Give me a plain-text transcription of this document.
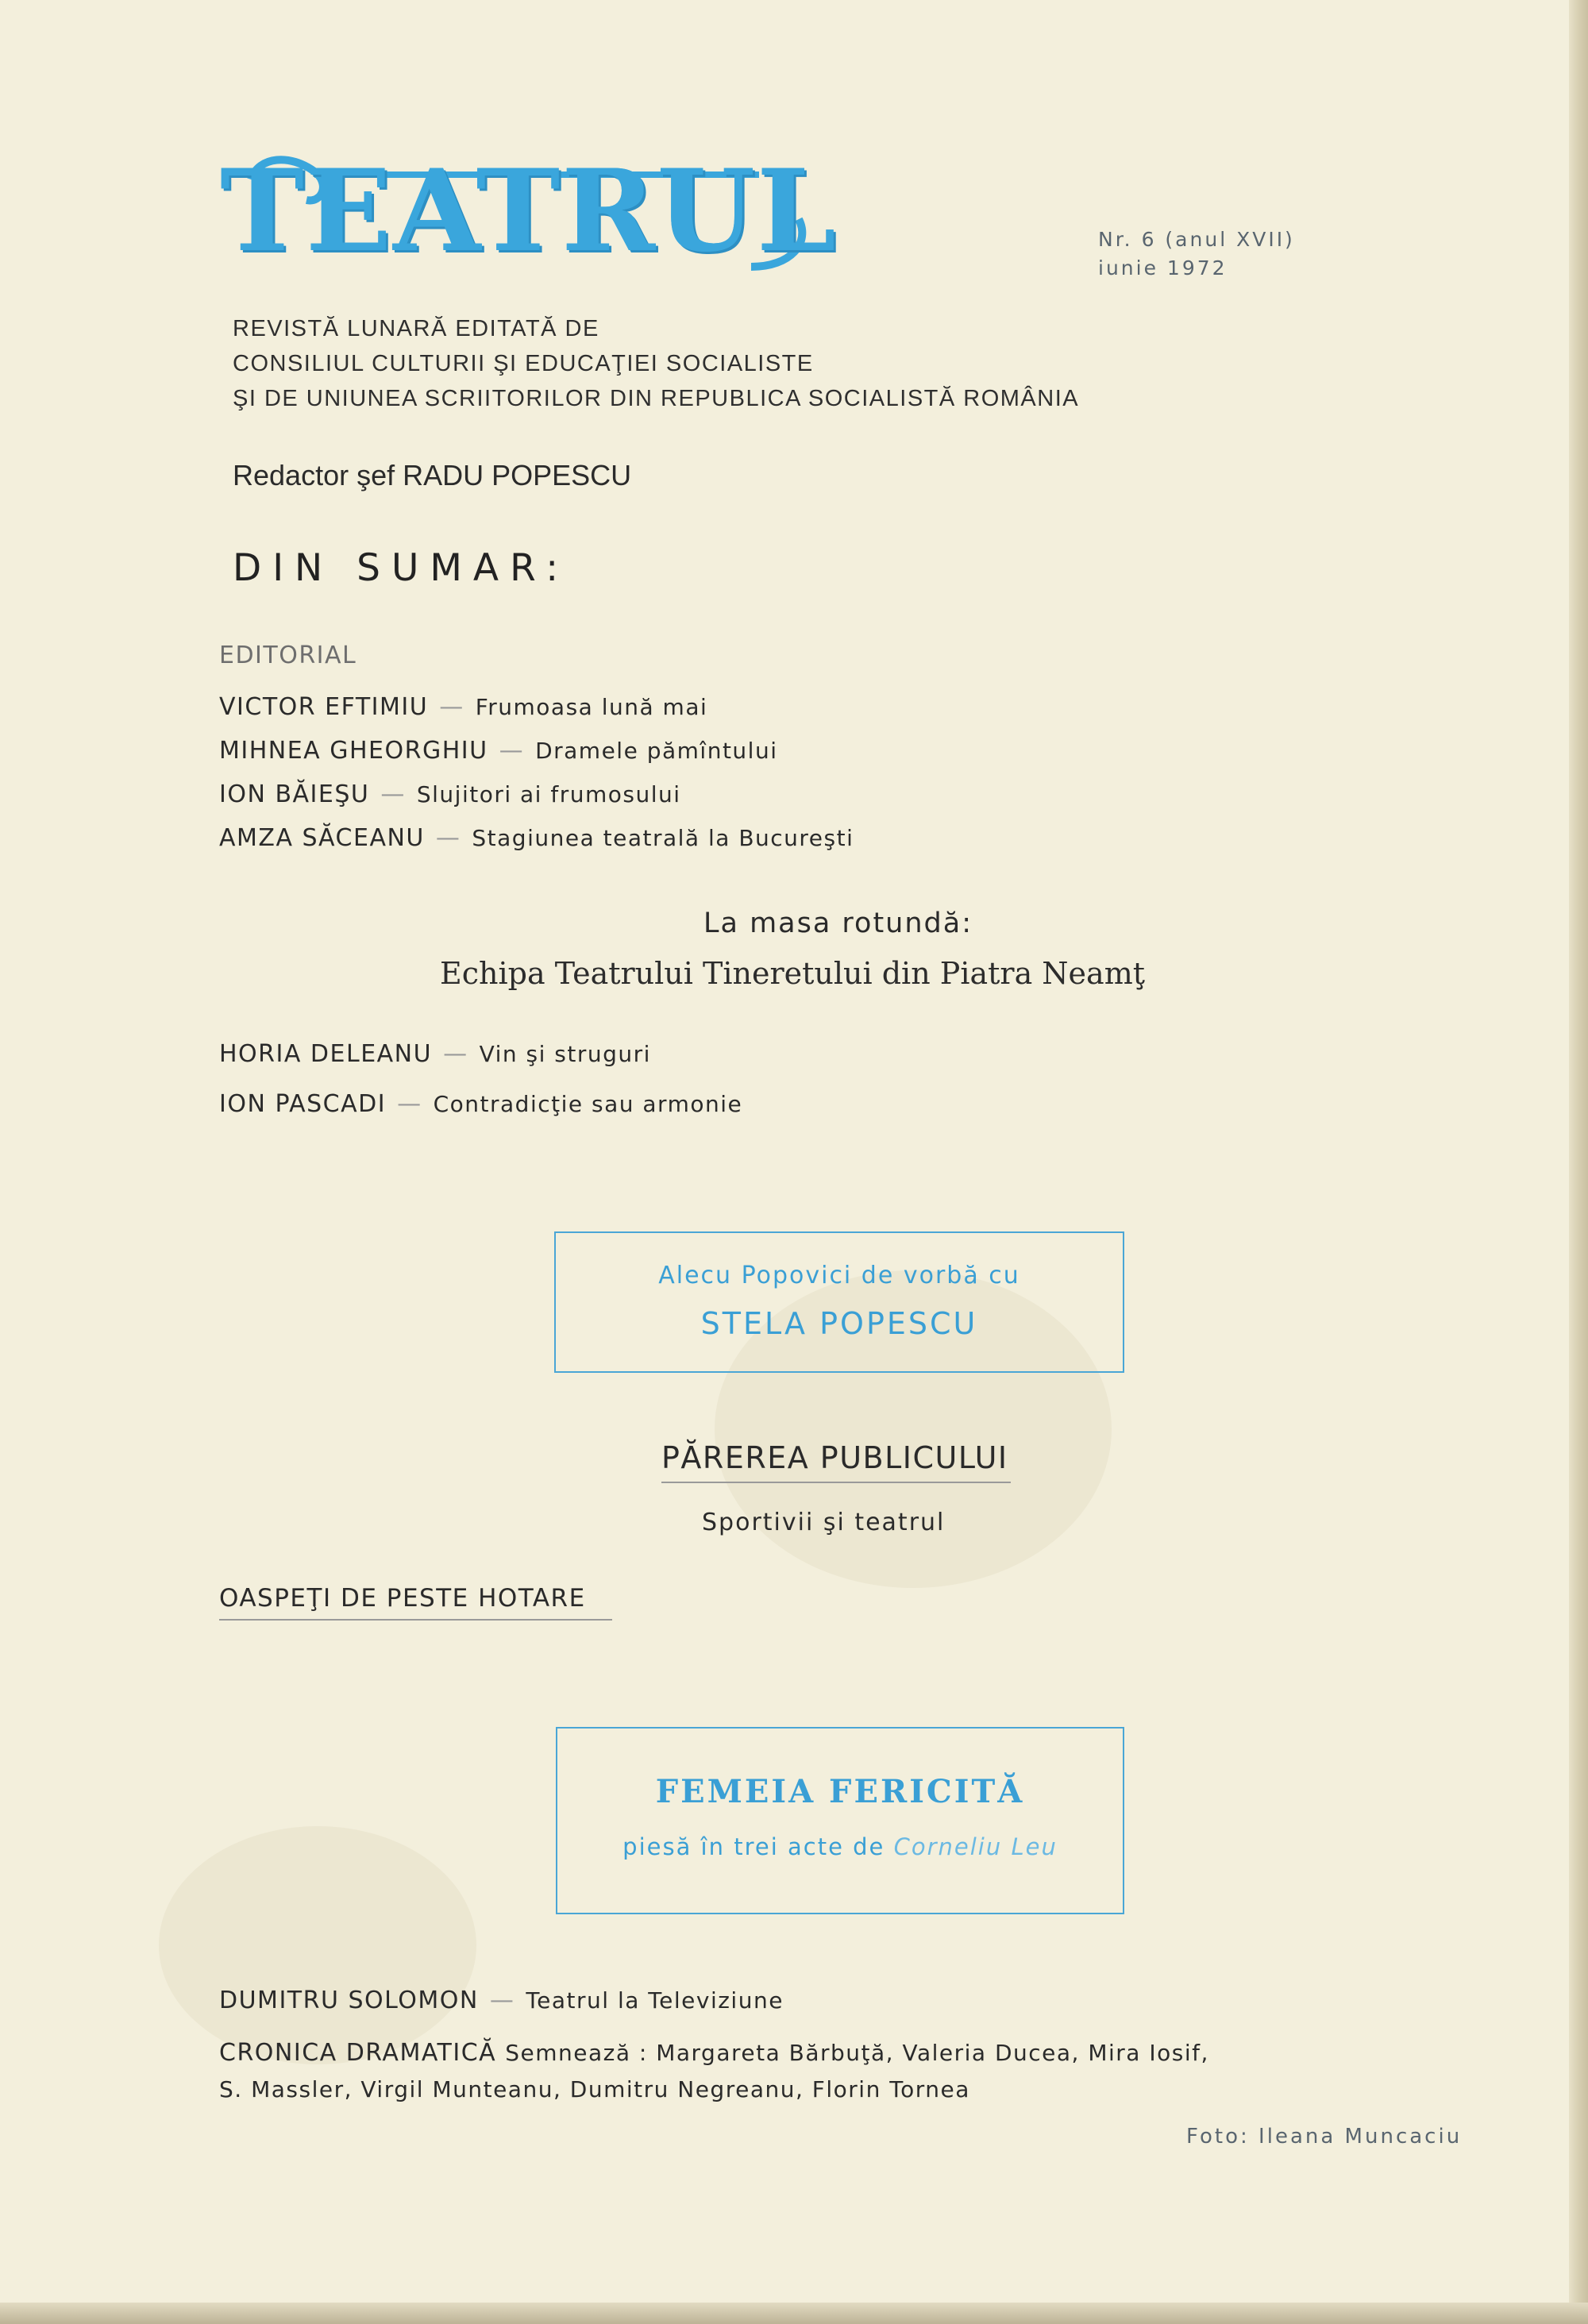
TEATRUL	Nr. 6 (anul XVII)
iunie 1972
REVISTĂ LUNARĂ EDITATĂ DE
CONSILIUL CULTURII ŞI EDUCAŢIEI SOCIALISTE
ŞI DE UNIUNEA SCRIITORILOR DIN REPUBLICA SOCIALISTĂ ROMÂNIA
Redactor şef RADU POPESCU
DIN SUMAR:
EDITORIAL
VICTOR EFTIMIU — Frumoasa lună mai
MIHNEA GHEORGHIU — Dramele pămîntului
ION BĂIEŞU — Slujitori ai frumosului
AMZA SĂCEANU — Stagiunea teatrală la Bucureşti
La masa rotundă:
Echipa Teatrului Tineretului din Piatra Neamţ
HORIA DELEANU — Vin şi struguri
ION PASCADI — Contradicţie sau armonie
Alecu Popovici de vorbă cu
STELA POPESCU
PĂREREA PUBLICULUI
Sportivii şi teatrul
OASPEŢI DE PESTE HOTARE
FEMEIA FERICITĂ
piesă în trei acte de Corneliu Leu
DUMITRU SOLOMON — Teatrul la Televiziune
CRONICA DRAMATICĂ Semnează : Margareta Bărbuţă, Valeria Ducea, Mira Iosif,
S. Massler, Virgil Munteanu, Dumitru Negreanu, Florin Tornea
Foto: Ileana Muncaciu
